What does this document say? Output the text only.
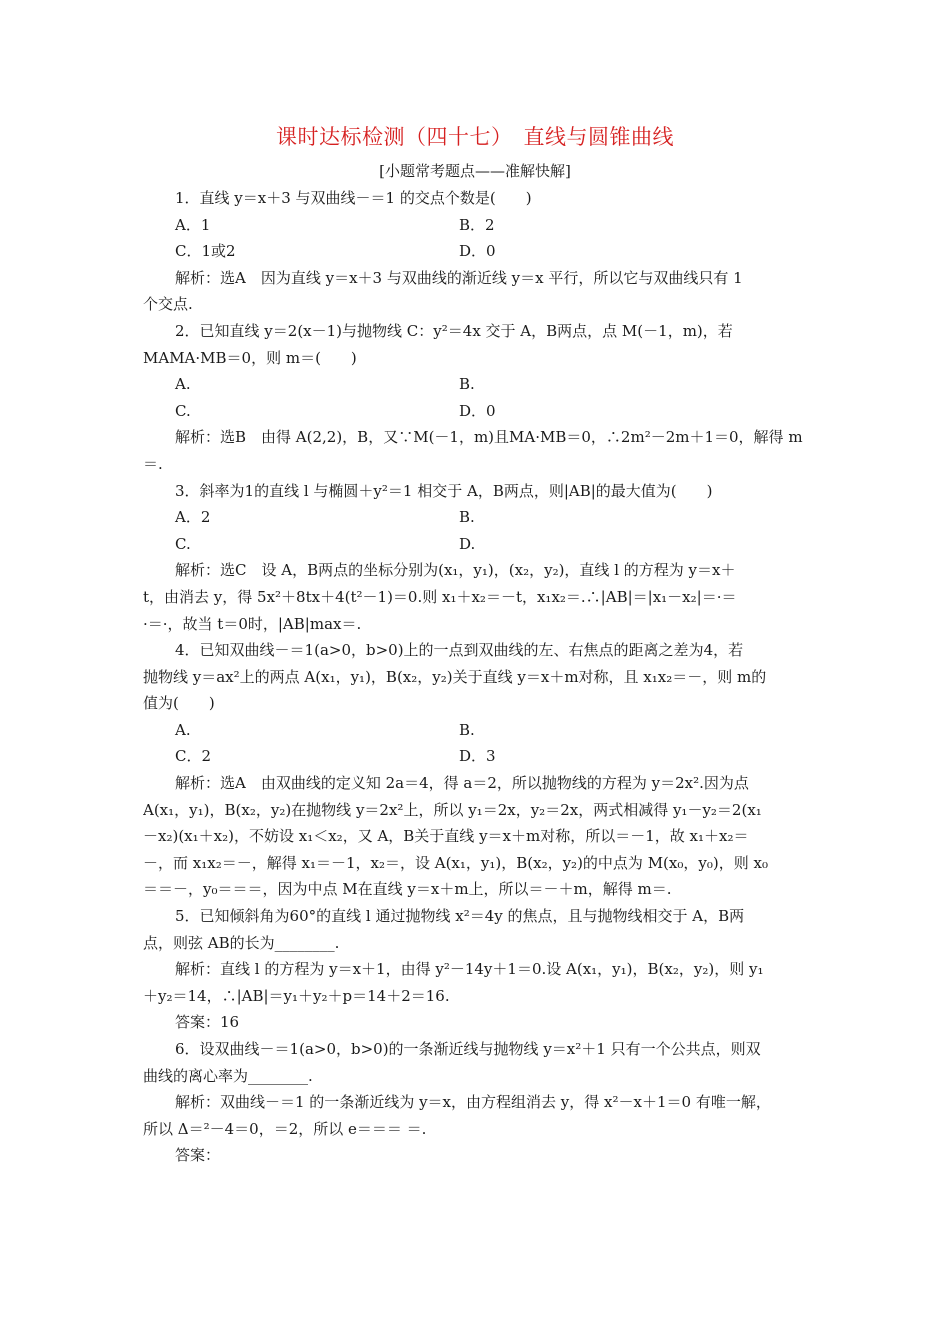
课时达标检测（四十七）　直线与圆锥曲线
[小题常考题点——准解快解]
1．直线 y＝x＋3 与双曲线－＝1 的交点个数是(　　)
A．1	B．2
C．1或2	D．0
解析：选A　因为直线 y＝x＋3 与双曲线的渐近线 y＝x 平行，所以它与双曲线只有 1
个交点.
2．已知直线 y＝2(x－1)与抛物线 C：y²＝4x 交于 A，B两点，点 M(－1，m)，若
MAMA·MB＝0，则 m＝(　　)
A.	B.
C.	D．0
解析：选B　由得 A(2,2)，B，又∵M(－1，m)且MA·MB＝0，∴2m²－2m＋1＝0，解得 m
＝.
3．斜率为1的直线 l 与椭圆＋y²＝1 相交于 A，B两点，则|AB|的最大值为(　　)
A．2	B.
C.	D.
解析：选C　设 A，B两点的坐标分别为(x₁，y₁)，(x₂，y₂)，直线 l 的方程为 y＝x＋
t，由消去 y，得 5x²＋8tx＋4(t²－1)＝0.则 x₁＋x₂＝－t，x₁x₂＝.∴|AB|＝|x₁－x₂|＝·＝
·＝·，故当 t＝0时，|AB|max＝.
4．已知双曲线－＝1(a>0，b>0)上的一点到双曲线的左、右焦点的距离之差为4，若
抛物线 y＝ax²上的两点 A(x₁，y₁)，B(x₂，y₂)关于直线 y＝x＋m对称，且 x₁x₂＝－，则 m的
值为(　　)
A.	B.
C．2	D．3
解析：选A　由双曲线的定义知 2a＝4，得 a＝2，所以抛物线的方程为 y＝2x².因为点
A(x₁，y₁)，B(x₂，y₂)在抛物线 y＝2x²上，所以 y₁＝2x，y₂＝2x，两式相减得 y₁－y₂＝2(x₁
－x₂)(x₁＋x₂)，不妨设 x₁＜x₂，又 A，B关于直线 y＝x＋m对称，所以＝－1，故 x₁＋x₂＝
－，而 x₁x₂＝－，解得 x₁＝－1，x₂＝，设 A(x₁，y₁)，B(x₂，y₂)的中点为 M(x₀，y₀)，则 x₀
＝＝－，y₀＝＝＝，因为中点 M在直线 y＝x＋m上，所以＝－＋m，解得 m＝.
5．已知倾斜角为60°的直线 l 通过抛物线 x²＝4y 的焦点，且与抛物线相交于 A，B两
点，则弦 AB的长为________.
解析：直线 l 的方程为 y＝x＋1，由得 y²－14y＋1＝0.设 A(x₁，y₁)，B(x₂，y₂)，则 y₁
＋y₂＝14，∴|AB|＝y₁＋y₂＋p＝14＋2＝16.
答案：16
6．设双曲线－＝1(a>0，b>0)的一条渐近线与抛物线 y＝x²＋1 只有一个公共点，则双
曲线的离心率为________.
解析：双曲线－＝1 的一条渐近线为 y＝x，由方程组消去 y，得 x²－x＋1＝0 有唯一解，
所以 Δ＝²－4＝0，＝2，所以 e＝＝＝ ＝.
答案：
